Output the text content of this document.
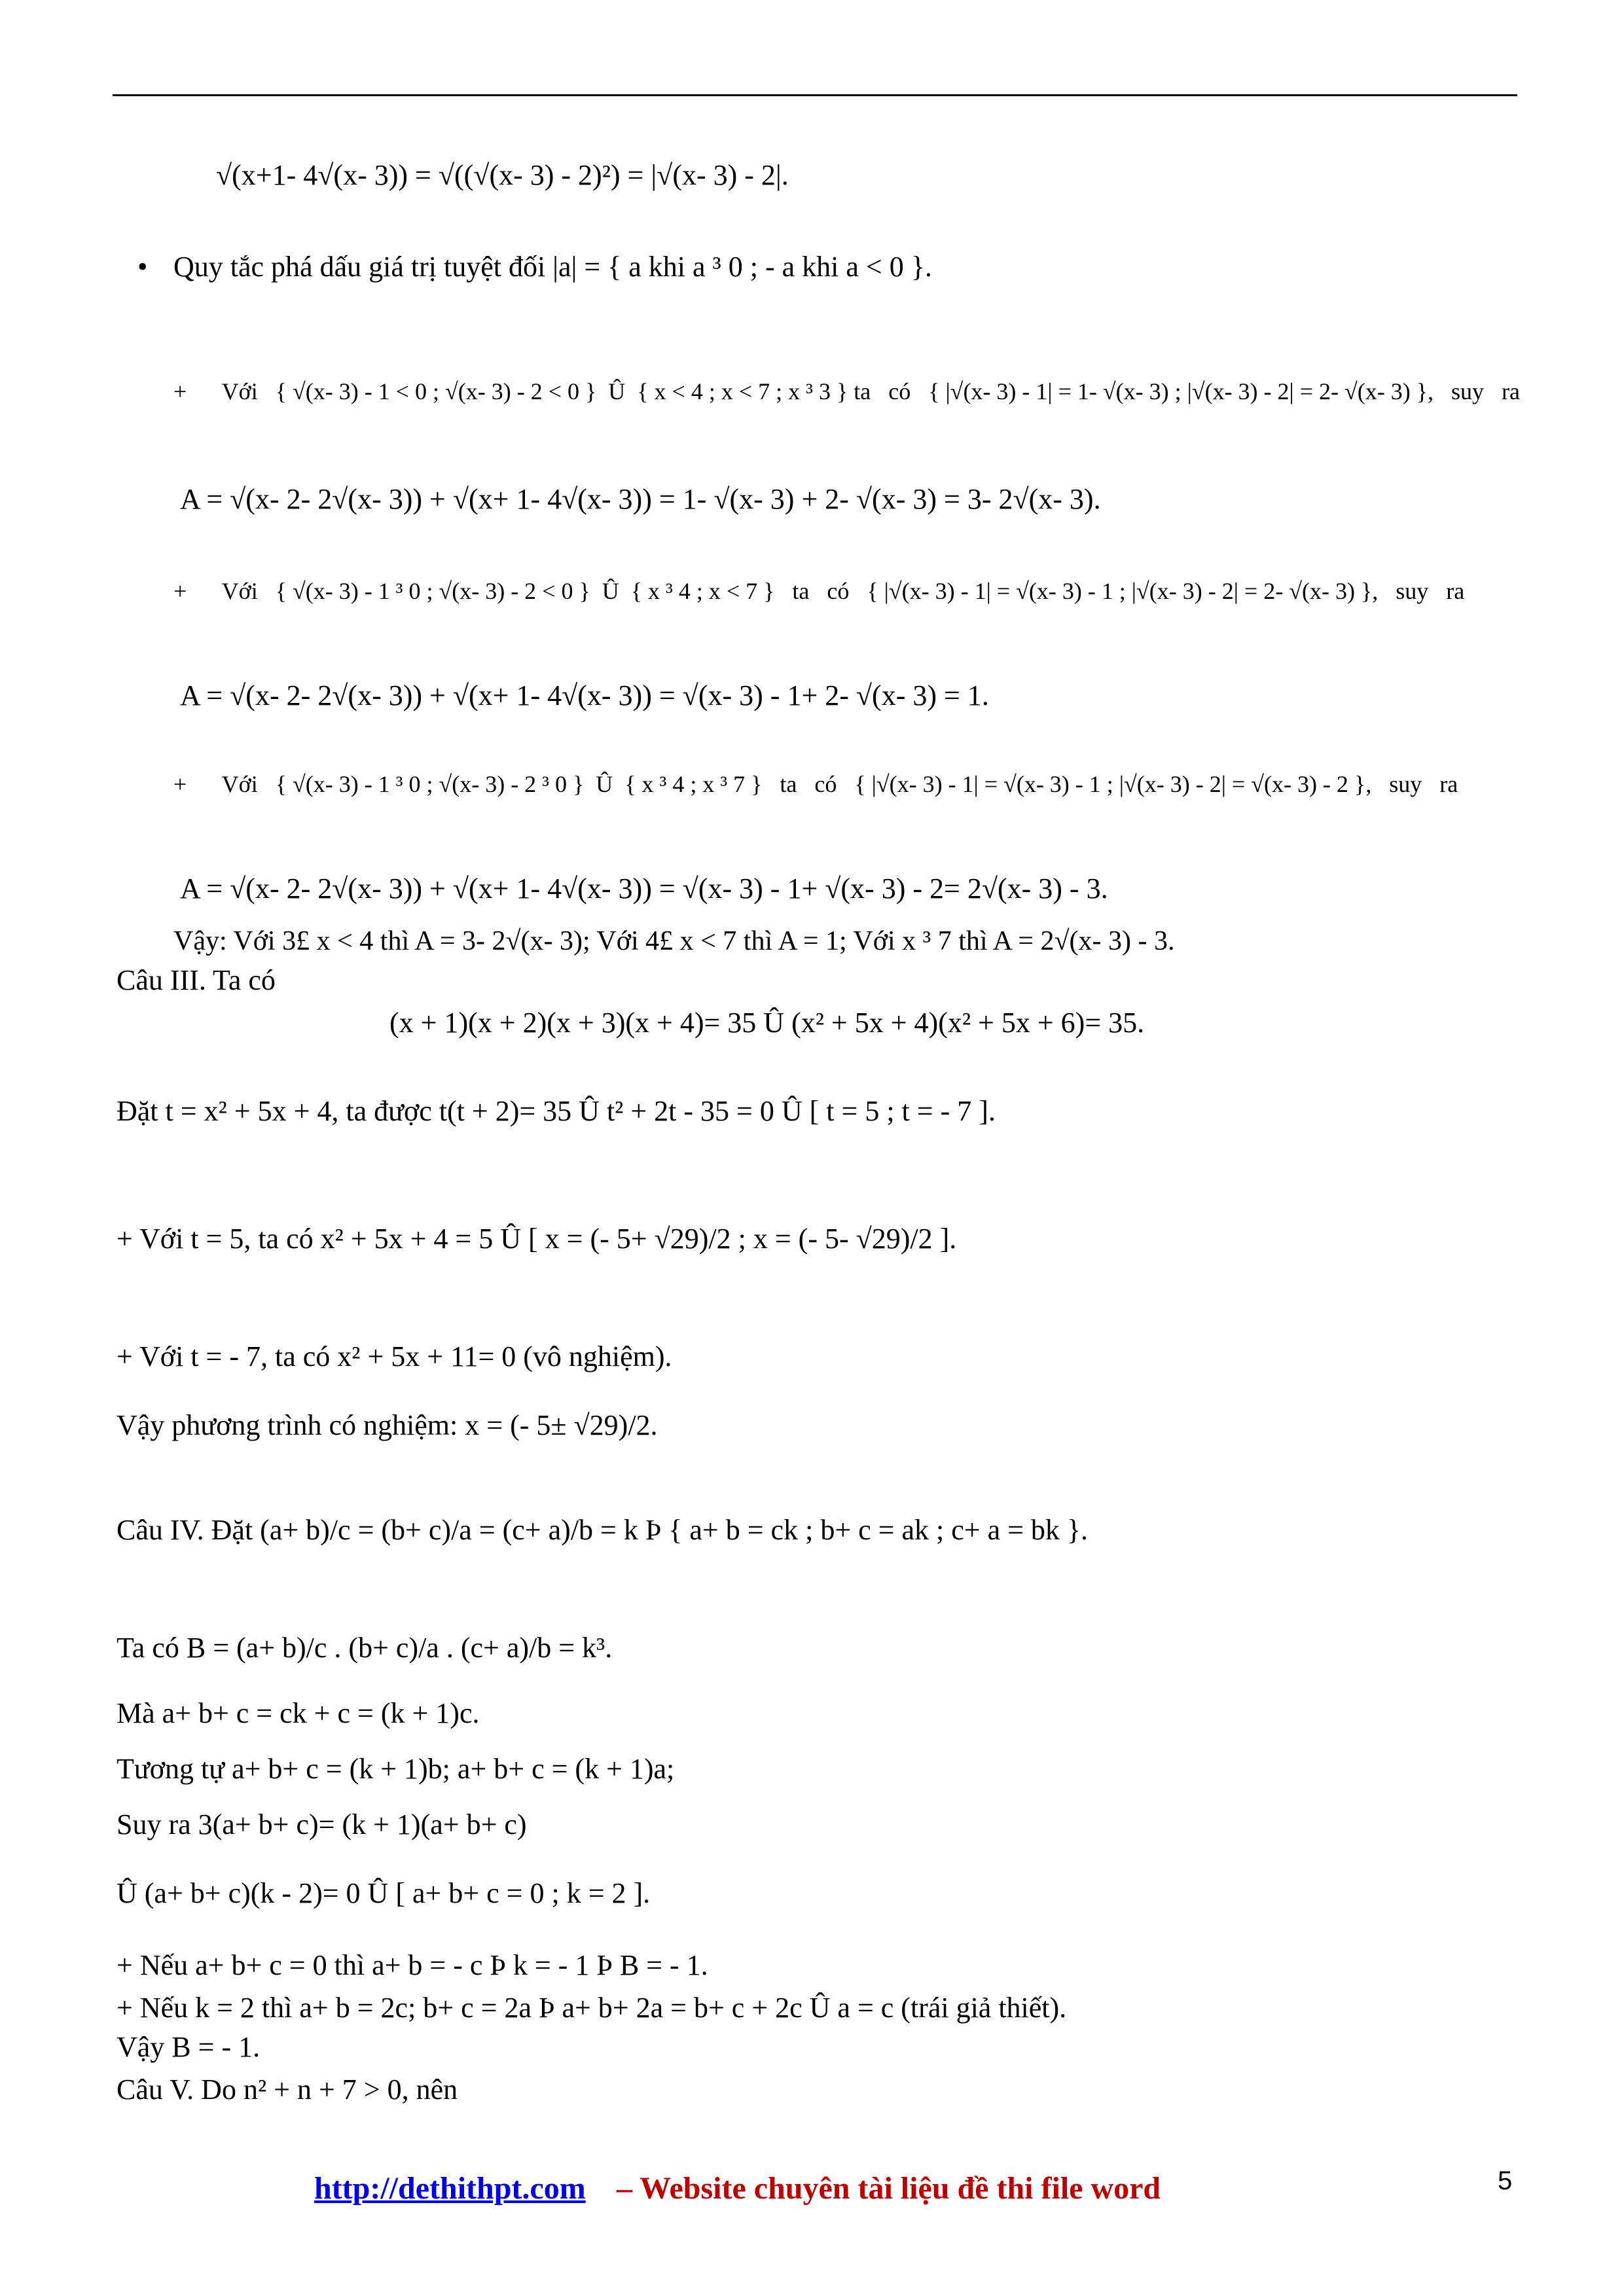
√(x+1- 4√(x- 3)) = √((√(x- 3) - 2)²) = |√(x- 3) - 2|.
• Quy tắc phá dấu giá trị tuyệt đối |a| = { a khi a ³ 0 ; - a khi a < 0 }.
+      Với   { √(x- 3) - 1 < 0 ; √(x- 3) - 2 < 0 }  Û  { x < 4 ; x < 7 ; x ³ 3 } ta   có   { |√(x- 3) - 1| = 1- √(x- 3) ; |√(x- 3) - 2| = 2- √(x- 3) },   suy   ra
A = √(x- 2- 2√(x- 3)) + √(x+ 1- 4√(x- 3)) = 1- √(x- 3) + 2- √(x- 3) = 3- 2√(x- 3).
+      Với   { √(x- 3) - 1 ³ 0 ; √(x- 3) - 2 < 0 }  Û  { x ³ 4 ; x < 7 }   ta   có   { |√(x- 3) - 1| = √(x- 3) - 1 ; |√(x- 3) - 2| = 2- √(x- 3) },   suy   ra
A = √(x- 2- 2√(x- 3)) + √(x+ 1- 4√(x- 3)) = √(x- 3) - 1+ 2- √(x- 3) = 1.
+      Với   { √(x- 3) - 1 ³ 0 ; √(x- 3) - 2 ³ 0 }  Û  { x ³ 4 ; x ³ 7 }   ta   có   { |√(x- 3) - 1| = √(x- 3) - 1 ; |√(x- 3) - 2| = √(x- 3) - 2 },   suy   ra
A = √(x- 2- 2√(x- 3)) + √(x+ 1- 4√(x- 3)) = √(x- 3) - 1+ √(x- 3) - 2= 2√(x- 3) - 3.
Vậy: Với 3£ x < 4 thì A = 3- 2√(x- 3); Với 4£ x < 7 thì A = 1; Với x ³ 7 thì A = 2√(x- 3) - 3.
Câu III. Ta có
(x + 1)(x + 2)(x + 3)(x + 4)= 35 Û (x² + 5x + 4)(x² + 5x + 6)= 35.
Đặt t = x² + 5x + 4, ta được t(t + 2)= 35 Û t² + 2t - 35 = 0 Û [ t = 5 ; t = - 7 ].
+ Với t = 5, ta có x² + 5x + 4 = 5 Û [ x = (- 5+ √29)/2 ; x = (- 5- √29)/2 ].
+ Với t = - 7, ta có x² + 5x + 11= 0 (vô nghiệm).
Vậy phương trình có nghiệm: x = (- 5± √29)/2.
Câu IV. Đặt (a+ b)/c = (b+ c)/a = (c+ a)/b = k Þ { a+ b = ck ; b+ c = ak ; c+ a = bk }.
Ta có B = (a+ b)/c . (b+ c)/a . (c+ a)/b = k³.
Mà a+ b+ c = ck + c = (k + 1)c.
Tương tự a+ b+ c = (k + 1)b; a+ b+ c = (k + 1)a;
Suy ra 3(a+ b+ c)= (k + 1)(a+ b+ c)
Û (a+ b+ c)(k - 2)= 0 Û [ a+ b+ c = 0 ; k = 2 ].
+ Nếu a+ b+ c = 0 thì a+ b = - c Þ k = - 1 Þ B = - 1.
+ Nếu k = 2 thì a+ b = 2c; b+ c = 2a Þ a+ b+ 2a = b+ c + 2c Û a = c (trái giả thiết).
Vậy B = - 1.
Câu V. Do n² + n + 7 > 0, nên
http://dethithpt.com – Website chuyên tài liệu đề thi file word	5
